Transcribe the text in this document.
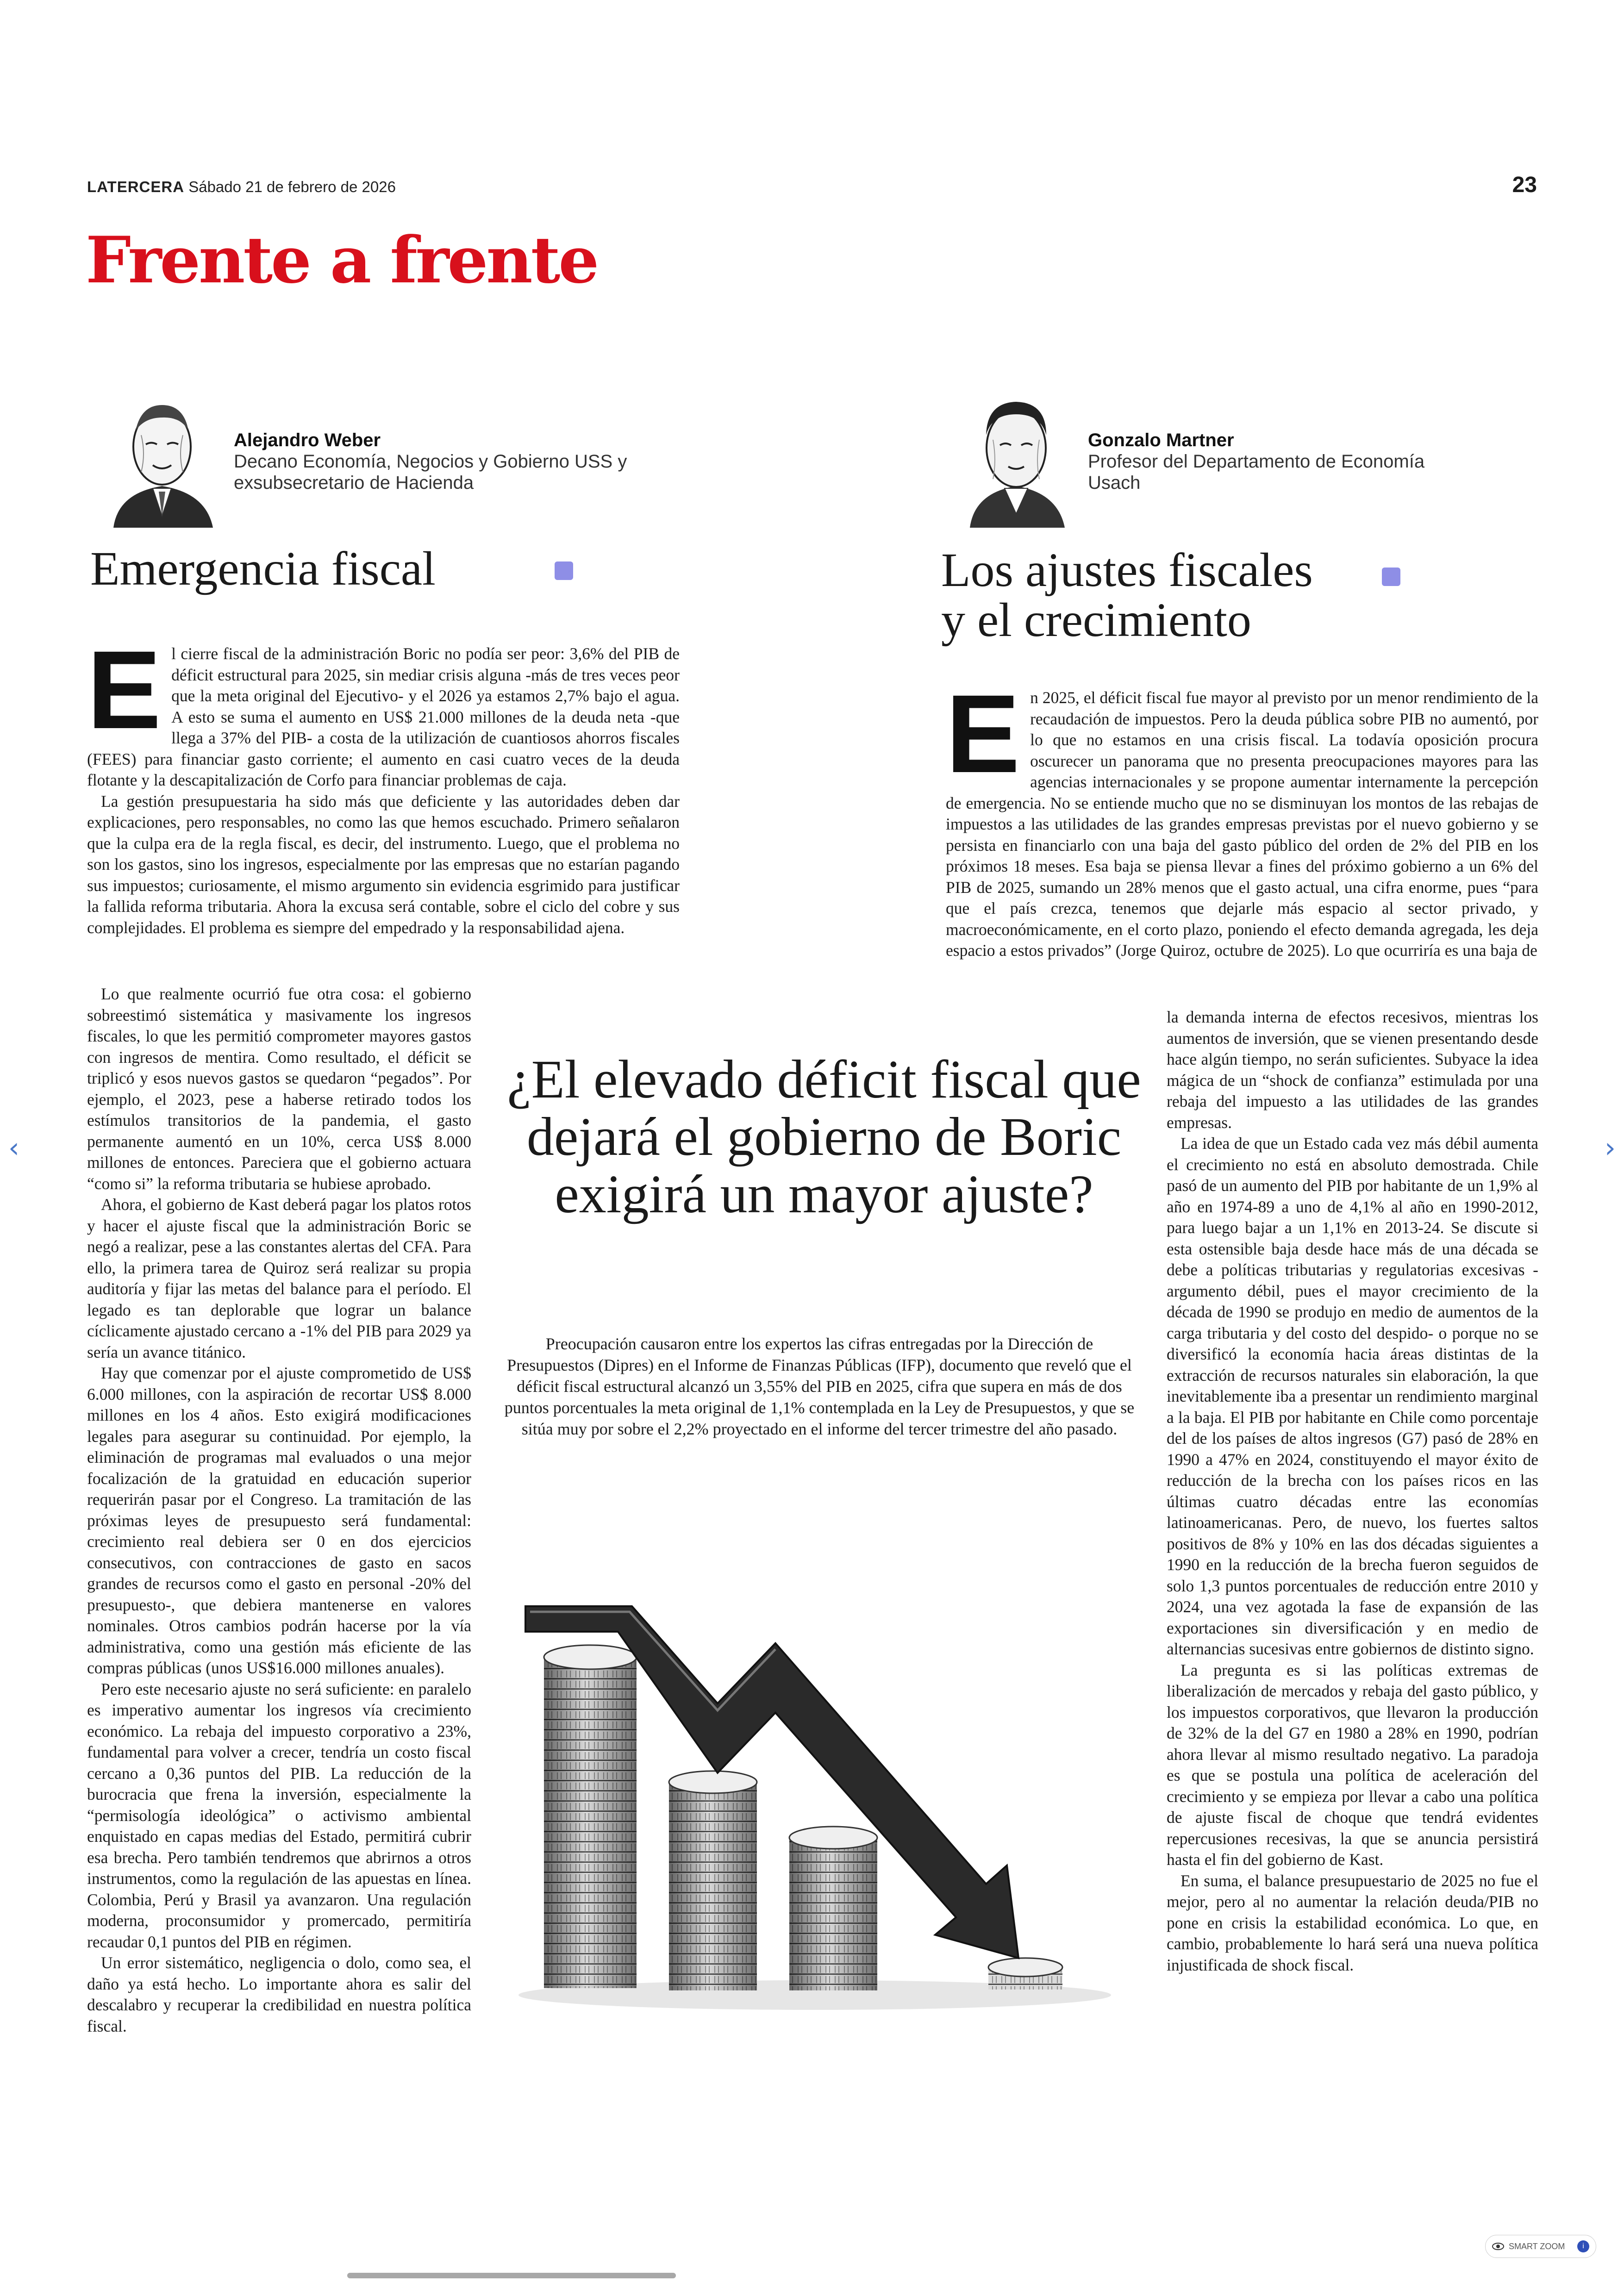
LATERCERA Sábado 21 de febrero de 2026	23
Frente a frente
Alejandro Weber
Decano Economía, Negocios y Gobierno USS y
exsubsecretario de Hacienda
Gonzalo Martner
Profesor del Departamento de Economía
Usach
Emergencia fiscal	Los ajustes fiscales
y el crecimiento
E l cierre fiscal de la administración Boric no podía ser peor: 3,6% del PIB de déficit estructural para 2025, sin mediar crisis alguna -más de tres veces peor que la meta original del Ejecutivo- y el 2026 ya estamos 2,7% bajo el agua. A esto se suma el aumento en US$ 21.000 millones de la deuda neta -que llega a 37% del PIB- a costa de la utilización de cuantiosos ahorros fiscales (FEES) para financiar gasto corriente; el aumento en casi cuatro veces de la deuda flotante y la descapitalización de Corfo para financiar problemas de caja.

La gestión presupuestaria ha sido más que deficiente y las autoridades deben dar explicaciones, pero responsables, no como las que hemos escuchado. Primero señalaron que la culpa era de la regla fiscal, es decir, del instrumento. Luego, que el problema no son los gastos, sino los ingresos, especialmente por las empresas que no estarían pagando sus impuestos; curiosamente, el mismo argumento sin evidencia esgrimido para justificar la fallida reforma tributaria. Ahora la excusa será contable, sobre el ciclo del cobre y sus complejidades. El problema es siempre del empedrado y la responsabilidad ajena.

Lo que realmente ocurrió fue otra cosa: el gobierno sobreestimó sistemática y masivamente los ingresos fiscales, lo que les permitió comprometer mayores gastos con ingresos de mentira. Como resultado, el déficit se triplicó y esos nuevos gastos se quedaron “pegados”. Por ejemplo, el 2023, pese a haberse retirado todos los estímulos transitorios de la pandemia, el gasto permanente aumentó en un 10%, cerca US$ 8.000 millones de entonces. Pareciera que el gobierno actuara “como si” la reforma tributaria se hubiese aprobado.

Ahora, el gobierno de Kast deberá pagar los platos rotos y hacer el ajuste fiscal que la administración Boric se negó a realizar, pese a las constantes alertas del CFA. Para ello, la primera tarea de Quiroz será realizar su propia auditoría y fijar las metas del balance para el período. El legado es tan deplorable que lograr un balance cíclicamente ajustado cercano a -1% del PIB para 2029 ya sería un avance titánico.

Hay que comenzar por el ajuste comprometido de US$ 6.000 millones, con la aspiración de recortar US$ 8.000 millones en los 4 años. Esto exigirá modificaciones legales para asegurar su continuidad. Por ejemplo, la eliminación de programas mal evaluados o una mejor focalización de la gratuidad en educación superior requerirán pasar por el Congreso. La tramitación de las próximas leyes de presupuesto será fundamental: crecimiento real debiera ser 0 en dos ejercicios consecutivos, con contracciones de gasto en sacos grandes de recursos como el gasto en personal -20% del presupuesto-, que debiera mantenerse en valores nominales. Otros cambios podrán hacerse por la vía administrativa, como una gestión más eficiente de las compras públicas (unos US$16.000 millones anuales).

Pero este necesario ajuste no será suficiente: en paralelo es imperativo aumentar los ingresos vía crecimiento económico. La rebaja del impuesto corporativo a 23%, fundamental para volver a crecer, tendría un costo fiscal cercano a 0,36 puntos del PIB. La reducción de la burocracia que frena la inversión, especialmente la “permisología ideológica” o activismo ambiental enquistado en capas medias del Estado, permitirá cubrir esa brecha. Pero también tendremos que abrirnos a otros instrumentos, como la regulación de las apuestas en línea. Colombia, Perú y Brasil ya avanzaron. Una regulación moderna, proconsumidor y promercado, permitiría recaudar 0,1 puntos del PIB en régimen.

Un error sistemático, negligencia o dolo, como sea, el daño ya está hecho. Lo importante ahora es salir del descalabro y recuperar la credibilidad en nuestra política fiscal.

E n 2025, el déficit fiscal fue mayor al previsto por un menor rendimiento de la recaudación de impuestos. Pero la deuda pública sobre PIB no aumentó, por lo que no estamos en una crisis fiscal. La todavía oposición procura oscurecer un panorama que no presenta preocupaciones mayores para las agencias internacionales y se propone aumentar internamente la percepción de emergencia. No se entiende mucho que no se disminuyan los montos de las rebajas de impuestos a las utilidades de las grandes empresas previstas por el nuevo gobierno y se persista en financiarlo con una baja del gasto público del orden de 2% del PIB en los próximos 18 meses. Esa baja se piensa llevar a fines del próximo gobierno a un 6% del PIB de 2025, sumando un 28% menos que el gasto actual, una cifra enorme, pues “para que el país crezca, tenemos que dejarle más espacio al sector privado, y macroeconómicamente, en el corto plazo, poniendo el efecto demanda agregada, les deja espacio a estos privados” (Jorge Quiroz, octubre de 2025). Lo que ocurriría es una baja de

la demanda interna de efectos recesivos, mientras los aumentos de inversión, que se vienen presentando desde hace algún tiempo, no serán suficientes. Subyace la idea mágica de un “shock de confianza” estimulada por una rebaja del impuesto a las utilidades de las grandes empresas.

La idea de que un Estado cada vez más débil aumenta el crecimiento no está en absoluto demostrada. Chile pasó de un aumento del PIB por habitante de un 1,9% al año en 1974-89 a uno de 4,1% al año en 1990-2012, para luego bajar a un 1,1% en 2013-24. Se discute si esta ostensible baja desde hace más de una década se debe a políticas tributarias y regulatorias excesivas -argumento débil, pues el mayor crecimiento de la década de 1990 se produjo en medio de aumentos de la carga tributaria y del costo del despido- o porque no se diversificó la economía hacia áreas distintas de la extracción de recursos naturales sin elaboración, la que inevitablemente iba a presentar un rendimiento marginal a la baja. El PIB por habitante en Chile como porcentaje del de los países de altos ingresos (G7) pasó de 28% en 1990 a 47% en 2024, constituyendo el mayor éxito de reducción de la brecha con los países ricos en las últimas cuatro décadas entre las economías latinoamericanas. Pero, de nuevo, los fuertes saltos positivos de 8% y 10% en las dos décadas siguientes a 1990 en la reducción de la brecha fueron seguidos de solo 1,3 puntos porcentuales de reducción entre 2010 y 2024, una vez agotada la fase de expansión de las exportaciones sin diversificación y en medio de alternancias sucesivas entre gobiernos de distinto signo.

La pregunta es si las políticas extremas de liberalización de mercados y rebaja del gasto público, y los impuestos corporativos, que llevaron la producción de 32% de la del G7 en 1980 a 28% en 1990, podrían ahora llevar al mismo resultado negativo. La paradoja es que se postula una política de aceleración del crecimiento y se empieza por llevar a cabo una política de ajuste fiscal de choque que tendrá evidentes repercusiones recesivas, la que se anuncia persistirá hasta el fin del gobierno de Kast.

En suma, el balance presupuestario de 2025 no fue el mejor, pero al no aumentar la relación deuda/PIB no pone en crisis la estabilidad económica. Lo que, en cambio, probablemente lo hará será una nueva política injustificada de shock fiscal.

¿El elevado déficit fiscal que dejará el gobierno de Boric exigirá un mayor ajuste?
Preocupación causaron entre los expertos las cifras entregadas por la Dirección de Presupuestos (Dipres) en el Informe de Finanzas Públicas (IFP), documento que reveló que el déficit fiscal estructural alcanzó un 3,55% del PIB en 2025, cifra que supera en más de dos puntos porcentuales la meta original de 1,1% contemplada en la Ley de Presupuestos, y que se sitúa muy por sobre el 2,2% proyectado en el informe del tercer trimestre del año pasado.
‹	›
SMART ZOOM	i
